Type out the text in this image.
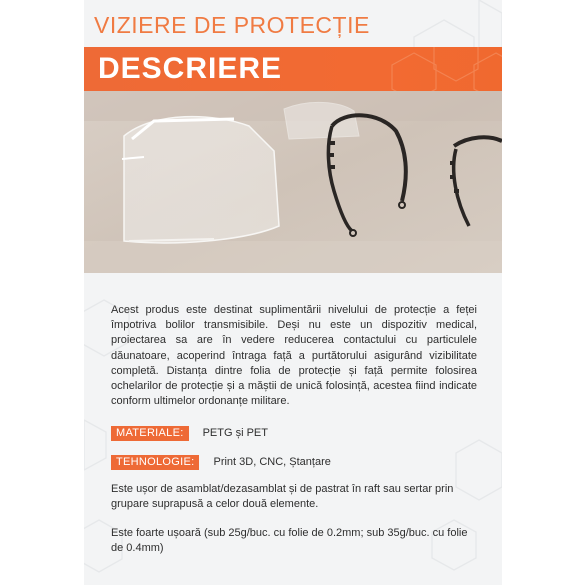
VIZIERE DE PROTECȚIE
DESCRIERE

Acest produs este destinat suplimentării nivelului de protecție a feței împotriva bolilor transmisibile. Deși nu este un dispozitiv medical, proiectarea sa are în vedere reducerea contactului cu particulele dăunatoare, acoperind întraga față a purtătorului asigurând vizibilitate completă. Distanța dintre folia de protecție și față permite folosirea ochelarilor de protecție și a măștii de unică folosință, acestea fiind indicate conform ultimelor ordonanțe militare.

MATERIALE:	PETG și PET
TEHNOLOGIE:	Print 3D, CNC, Ștanțare

Este ușor de asamblat/dezasamblat și de pastrat în raft sau sertar prin grupare suprapusă a celor două elemente.

Este foarte ușoară (sub 25g/buc. cu folie de 0.2mm; sub 35g/buc. cu folie de 0.4mm)
